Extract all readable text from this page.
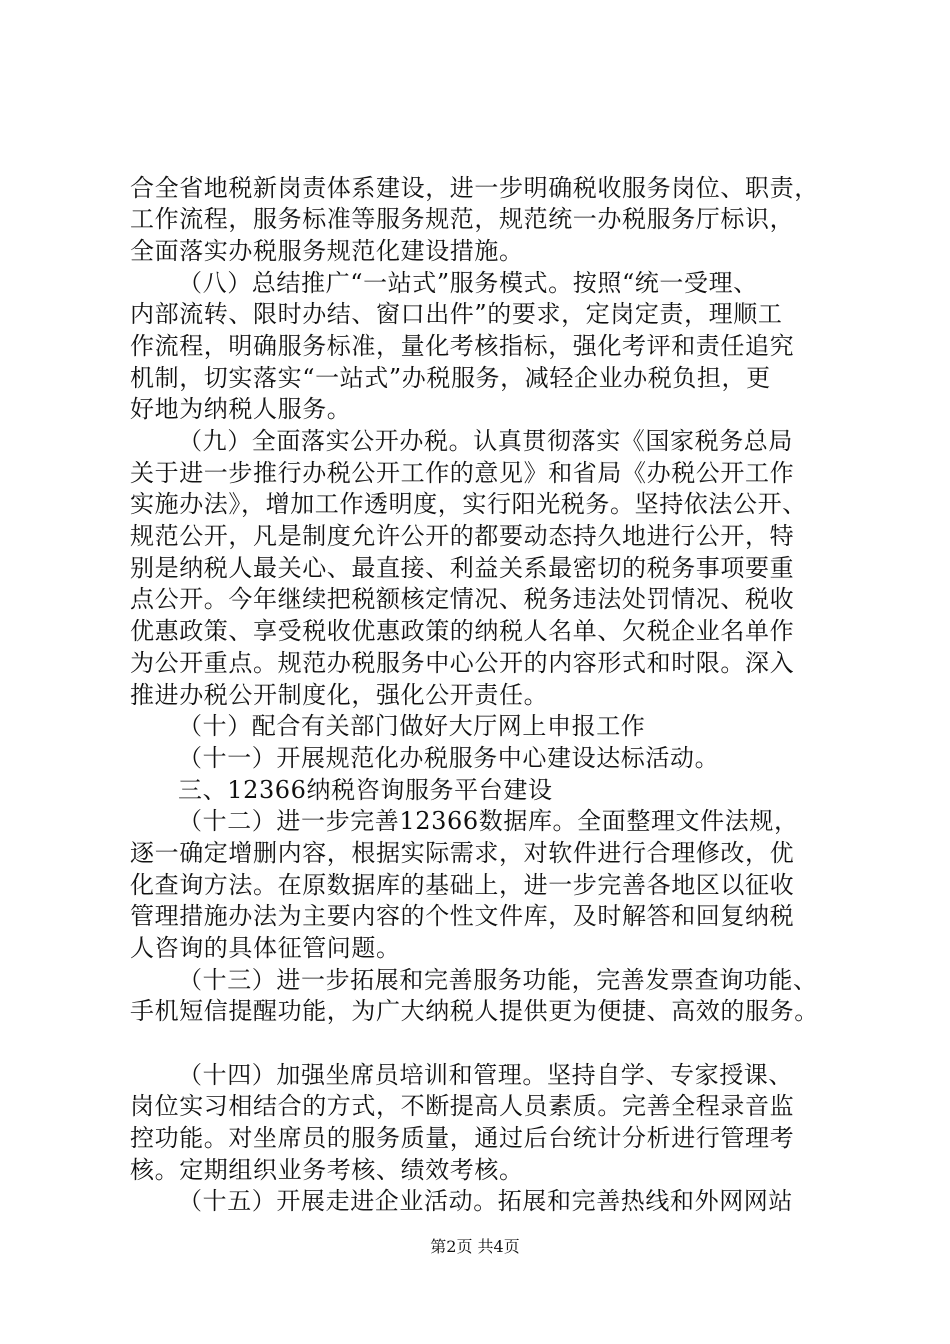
合全省地税新岗责体系建设，进一步明确税收服务岗位、职责，
工作流程，服务标准等服务规范，规范统一办税服务厅标识，
全面落实办税服务规范化建设措施。
（八）总结推广“一站式”服务模式。按照“统一受理、
内部流转、限时办结、窗口出件”的要求，定岗定责，理顺工
作流程，明确服务标准，量化考核指标，强化考评和责任追究
机制，切实落实“一站式”办税服务，减轻企业办税负担，更
好地为纳税人服务。
（九）全面落实公开办税。认真贯彻落实《国家税务总局
关于进一步推行办税公开工作的意见》和省局《办税公开工作
实施办法》，增加工作透明度，实行阳光税务。坚持依法公开、
规范公开，凡是制度允许公开的都要动态持久地进行公开，特
别是纳税人最关心、最直接、利益关系最密切的税务事项要重
点公开。今年继续把税额核定情况、税务违法处罚情况、税收
优惠政策、享受税收优惠政策的纳税人名单、欠税企业名单作
为公开重点。规范办税服务中心公开的内容形式和时限。深入
推进办税公开制度化，强化公开责任。
（十）配合有关部门做好大厅网上申报工作
（十一）开展规范化办税服务中心建设达标活动。
三、12366纳税咨询服务平台建设
（十二）进一步完善12366数据库。全面整理文件法规，
逐一确定增删内容，根据实际需求，对软件进行合理修改，优
化查询方法。在原数据库的基础上，进一步完善各地区以征收
管理措施办法为主要内容的个性文件库，及时解答和回复纳税
人咨询的具体征管问题。
（十三）进一步拓展和完善服务功能，完善发票查询功能、
手机短信提醒功能，为广大纳税人提供更为便捷、高效的服务。
（十四）加强坐席员培训和管理。坚持自学、专家授课、
岗位实习相结合的方式，不断提高人员素质。完善全程录音监
控功能。对坐席员的服务质量，通过后台统计分析进行管理考
核。定期组织业务考核、绩效考核。
（十五）开展走进企业活动。拓展和完善热线和外网网站
第2页 共4页
